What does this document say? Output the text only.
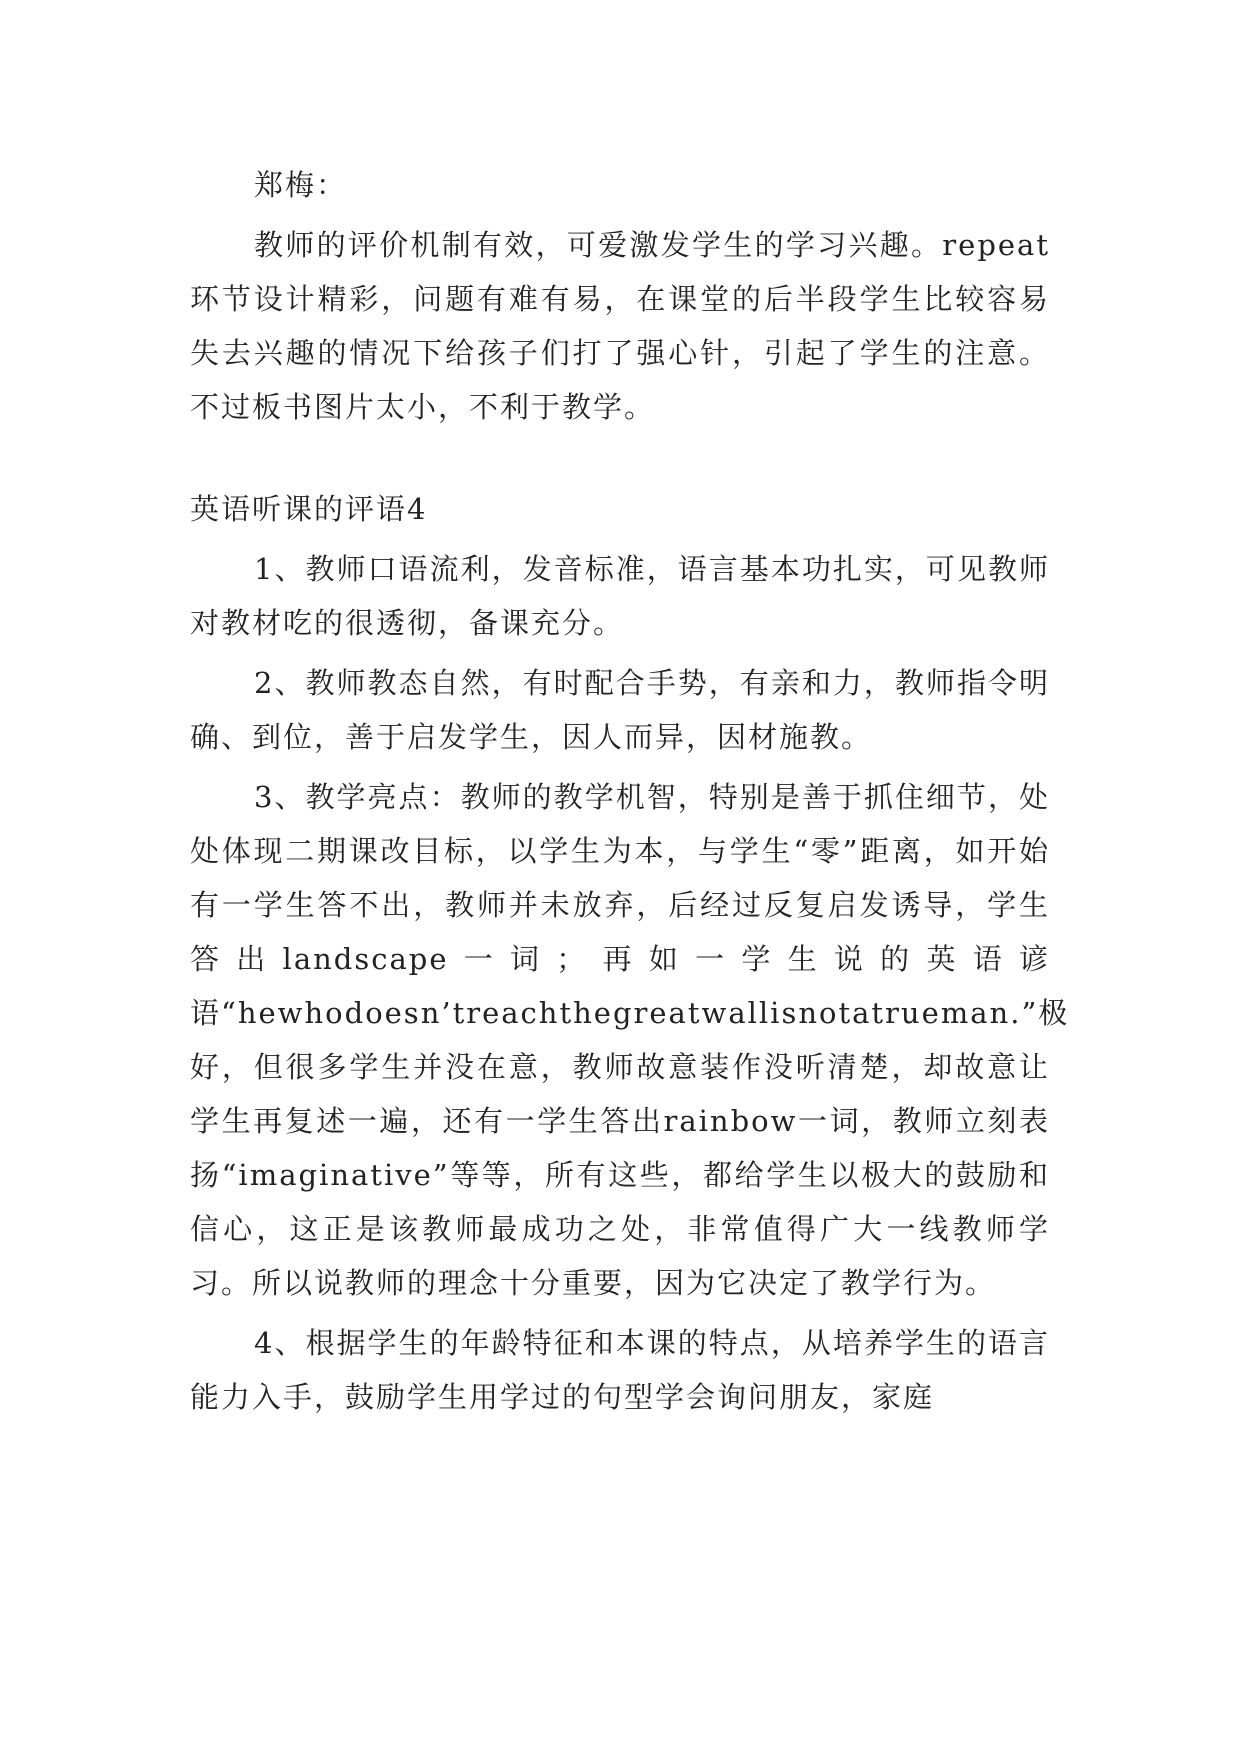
郑梅：

教师的评价机制有效，可爱激发学生的学习兴趣。repeat环节设计精彩，问题有难有易，在课堂的后半段学生比较容易失去兴趣的情况下给孩子们打了强心针，引起了学生的注意。不过板书图片太小，不利于教学。

英语听课的评语4

1、教师口语流利，发音标准，语言基本功扎实，可见教师对教材吃的很透彻，备课充分。

2、教师教态自然，有时配合手势，有亲和力，教师指令明确、到位，善于启发学生，因人而异，因材施教。

3、教学亮点：教师的教学机智，特别是善于抓住细节，处处体现二期课改目标，以学生为本，与学生“零”距离，如开始有一学生答不出，教师并未放弃，后经过反复启发诱导，学生答出landscape一词；再如一学生说的英语谚语“hewhodoesn’treachthegreatwallisnotatrueman.”极好，但很多学生并没在意，教师故意装作没听清楚，却故意让学生再复述一遍，还有一学生答出rainbow一词，教师立刻表扬“imaginative”等等，所有这些，都给学生以极大的鼓励和信心，这正是该教师最成功之处，非常值得广大一线教师学习。所以说教师的理念十分重要，因为它决定了教学行为。

4、根据学生的年龄特征和本课的特点，从培养学生的语言能力入手，鼓励学生用学过的句型学会询问朋友，家庭
